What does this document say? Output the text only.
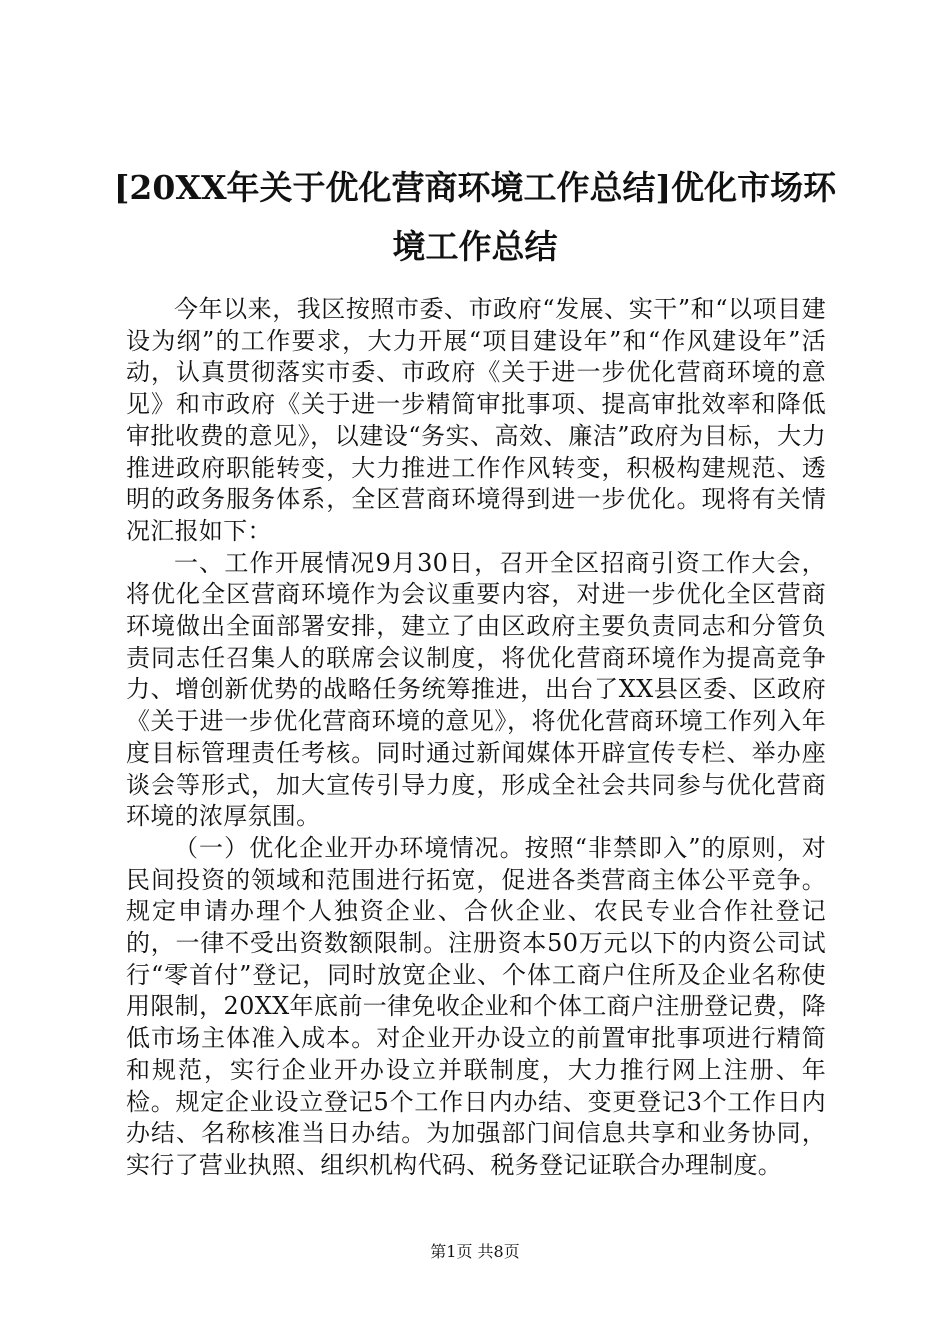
[20XX年关于优化营商环境工作总结]优化市场环境工作总结

今年以来，我区按照市委、市政府“发展、实干”和“以项目建设为纲”的工作要求，大力开展“项目建设年”和“作风建设年”活动，认真贯彻落实市委、市政府《关于进一步优化营商环境的意见》和市政府《关于进一步精简审批事项、提高审批效率和降低审批收费的意见》，以建设“务实、高效、廉洁”政府为目标，大力推进政府职能转变，大力推进工作作风转变，积极构建规范、透明的政务服务体系，全区营商环境得到进一步优化。现将有关情况汇报如下：

一、工作开展情况9月30日，召开全区招商引资工作大会，将优化全区营商环境作为会议重要内容，对进一步优化全区营商环境做出全面部署安排，建立了由区政府主要负责同志和分管负责同志任召集人的联席会议制度，将优化营商环境作为提高竞争力、增创新优势的战略任务统筹推进，出台了XX县区委、区政府《关于进一步优化营商环境的意见》，将优化营商环境工作列入年度目标管理责任考核。同时通过新闻媒体开辟宣传专栏、举办座谈会等形式，加大宣传引导力度，形成全社会共同参与优化营商环境的浓厚氛围。

（一）优化企业开办环境情况。按照“非禁即入”的原则，对民间投资的领域和范围进行拓宽，促进各类营商主体公平竞争。规定申请办理个人独资企业、合伙企业、农民专业合作社登记的，一律不受出资数额限制。注册资本50万元以下的内资公司试行“零首付”登记，同时放宽企业、个体工商户住所及企业名称使用限制，20XX年底前一律免收企业和个体工商户注册登记费，降低市场主体准入成本。对企业开办设立的前置审批事项进行精简和规范，实行企业开办设立并联制度，大力推行网上注册、年检。规定企业设立登记5个工作日内办结、变更登记3个工作日内办结、名称核准当日办结。为加强部门间信息共享和业务协同，实行了营业执照、组织机构代码、税务登记证联合办理制度。

第1页 共8页
